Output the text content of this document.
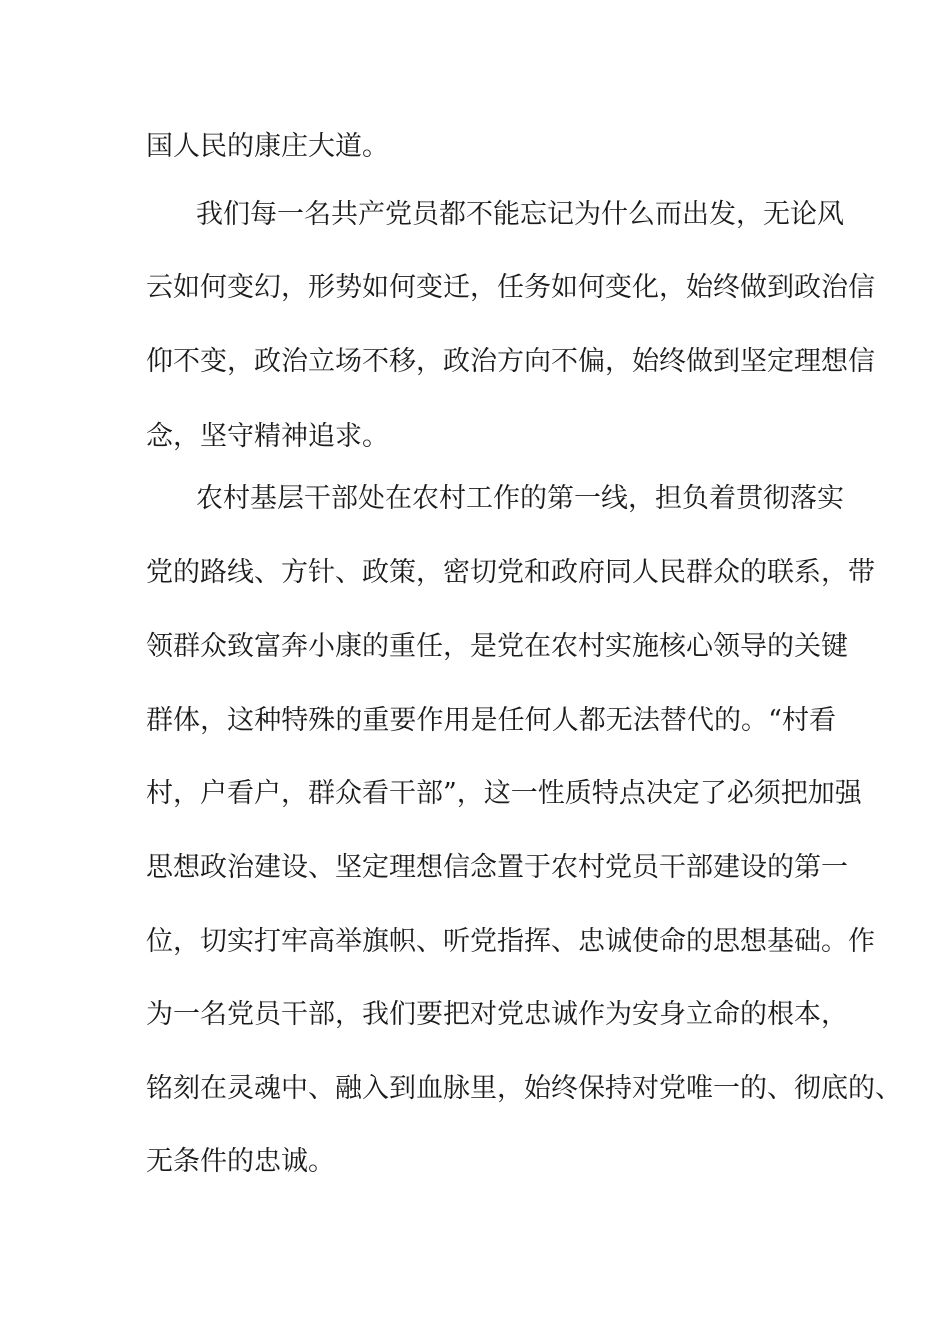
国人民的康庄大道。
我们每一名共产党员都不能忘记为什么而出发，无论风
云如何变幻，形势如何变迁，任务如何变化，始终做到政治信
仰不变，政治立场不移，政治方向不偏，始终做到坚定理想信
念，坚守精神追求。
农村基层干部处在农村工作的第一线，担负着贯彻落实
党的路线、方针、政策，密切党和政府同人民群众的联系，带
领群众致富奔小康的重任，是党在农村实施核心领导的关键
群体，这种特殊的重要作用是任何人都无法替代的。“村看
村，户看户，群众看干部”，这一性质特点决定了必须把加强
思想政治建设、坚定理想信念置于农村党员干部建设的第一
位，切实打牢高举旗帜、听党指挥、忠诚使命的思想基础。作
为一名党员干部，我们要把对党忠诚作为安身立命的根本，
铭刻在灵魂中、融入到血脉里，始终保持对党唯一的、彻底的、
无条件的忠诚。
